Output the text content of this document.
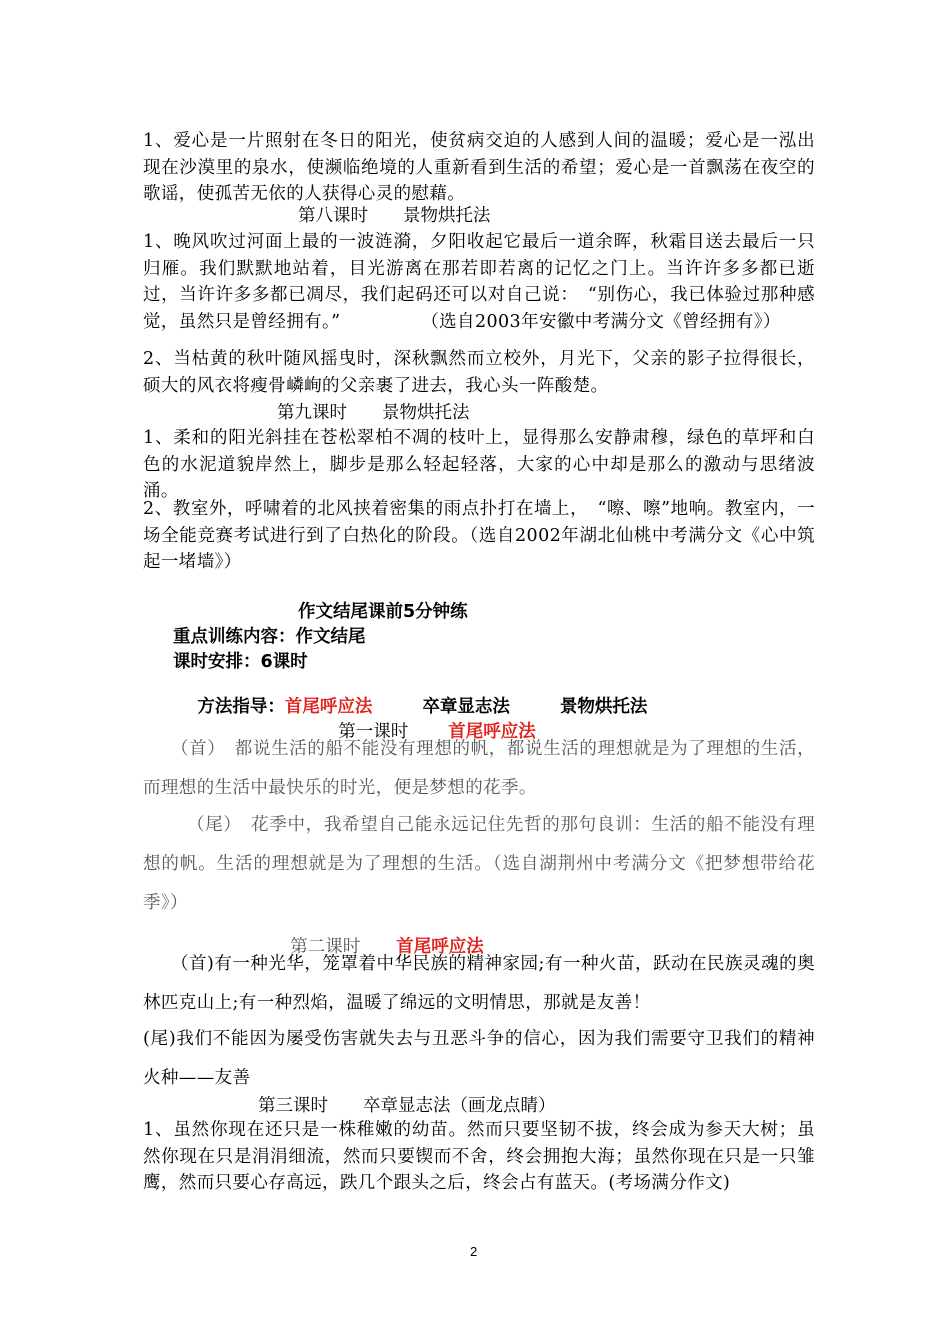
1、爱心是一片照射在冬日的阳光，使贫病交迫的人感到人间的温暖；爱心是一泓出现在沙漠里的泉水，使濒临绝境的人重新看到生活的希望；爱心是一首飘荡在夜空的歌谣，使孤苦无依的人获得心灵的慰藉。

第八课时　　景物烘托法

1、晚风吹过河面上最的一波涟漪，夕阳收起它最后一道余晖，秋霜目送去最后一只归雁。我们默默地站着，目光游离在那若即若离的记忆之门上。当许许多多都已逝过，当许许多多都已凋尽，我们起码还可以对自己说：　“别伤心，我已体验过那种感觉，虽然只是曾经拥有。”　　　　　（选自2003年安徽中考满分文《曾经拥有》）

2、当枯黄的秋叶随风摇曳时，深秋飘然而立校外，月光下，父亲的影子拉得很长，硕大的风衣将瘦骨嶙峋的父亲裹了进去，我心头一阵酸楚。

第九课时　　景物烘托法

1、柔和的阳光斜挂在苍松翠柏不凋的枝叶上，显得那么安静肃穆，绿色的草坪和白色的水泥道貌岸然上，脚步是那么轻起轻落，大家的心中却是那么的激动与思绪波涌。

2、教室外，呼啸着的北风挟着密集的雨点扑打在墙上，　“嚓、嚓”地响。教室内，一场全能竞赛考试进行到了白热化的阶段。（选自2002年湖北仙桃中考满分文《心中筑起一堵墙》）

作文结尾课前5分钟练
重点训练内容：作文结尾
课时安排：6课时

方法指导：首尾呼应法	卒章显志法	景物烘托法

第一课时 首尾呼应法

（首）　都说生活的船不能没有理想的帆，都说生活的理想就是为了理想的生活，而理想的生活中最快乐的时光，便是梦想的花季。

（尾）　花季中，我希望自己能永远记住先哲的那句良训：生活的船不能没有理想的帆。生活的理想就是为了理想的生活。（选自湖荆州中考满分文《把梦想带给花季》）

第二课时 首尾呼应法

（首)有一种光华，笼罩着中华民族的精神家园;有一种火苗，跃动在民族灵魂的奥林匹克山上;有一种烈焰，温暖了绵远的文明情思，那就是友善！

(尾)我们不能因为屡受伤害就失去与丑恶斗争的信心，因为我们需要守卫我们的精神火种——友善

第三课时　　卒章显志法（画龙点睛）

1、虽然你现在还只是一株稚嫩的幼苗。然而只要坚韧不拔，终会成为参天大树；虽然你现在只是涓涓细流，然而只要锲而不舍，终会拥抱大海；虽然你现在只是一只雏鹰，然而只要心存高远，跌几个跟头之后，终会占有蓝天。(考场满分作文)

2
